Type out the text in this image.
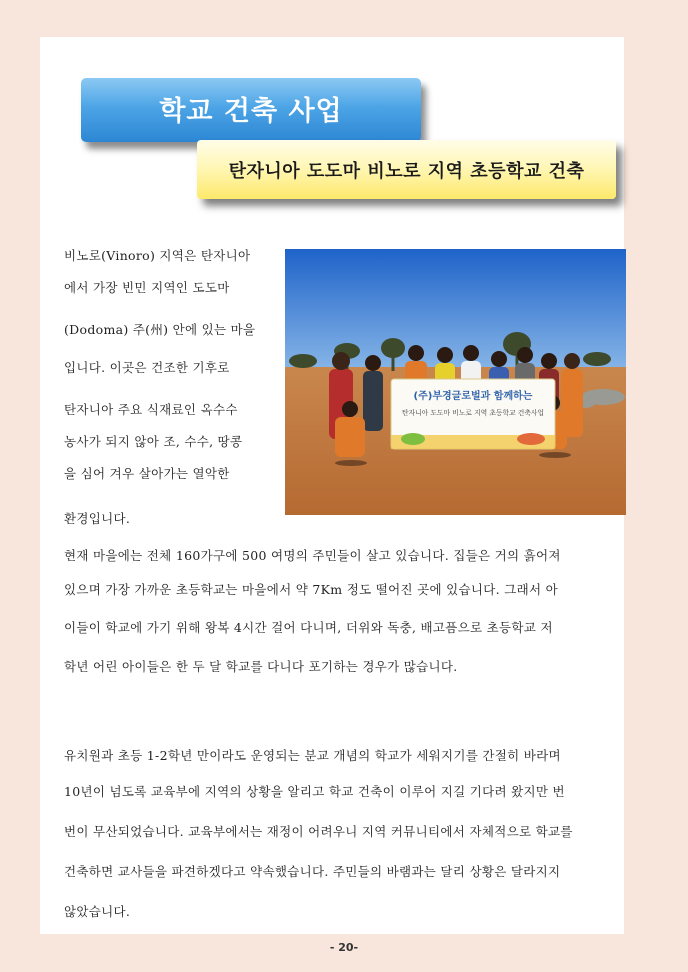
학교 건축 사업
탄자니아 도도마 비노로 지역 초등학교 건축
비노로(Vinoro) 지역은 탄자니아
에서 가장 빈민 지역인 도도마
(Dodoma) 주(州) 안에 있는 마을
입니다. 이곳은 건조한 기후로
탄자니아 주요 식재료인 옥수수
농사가 되지 않아 조, 수수, 땅콩
을 심어 겨우 살아가는 열악한
환경입니다.
(주)부경글로벌과 함께하는
탄자니아 도도마 비노로 지역 초등학교 건축사업
현재 마을에는 전체 160가구에 500 여명의 주민들이 살고 있습니다. 집들은 거의 흙어져
있으며 가장 가까운 초등학교는 마을에서 약 7Km 정도 떨어진 곳에 있습니다. 그래서 아
이들이 학교에 가기 위해 왕복 4시간 걸어 다니며, 더위와 독충, 배고픔으로 초등학교 저
학년 어린 아이들은 한 두 달 학교를 다니다 포기하는 경우가 많습니다.
유치원과 초등 1-2학년 만이라도 운영되는 분교 개념의 학교가 세워지기를 간절히 바라며
10년이 넘도록 교육부에 지역의 상황을 알리고 학교 건축이 이루어 지길 기다려 왔지만 번
번이 무산되었습니다. 교육부에서는 재정이 어려우니 지역 커뮤니티에서 자체적으로 학교를
건축하면 교사들을 파견하겠다고 약속했습니다. 주민들의 바램과는 달리 상황은 달라지지
않았습니다.
- 20-
